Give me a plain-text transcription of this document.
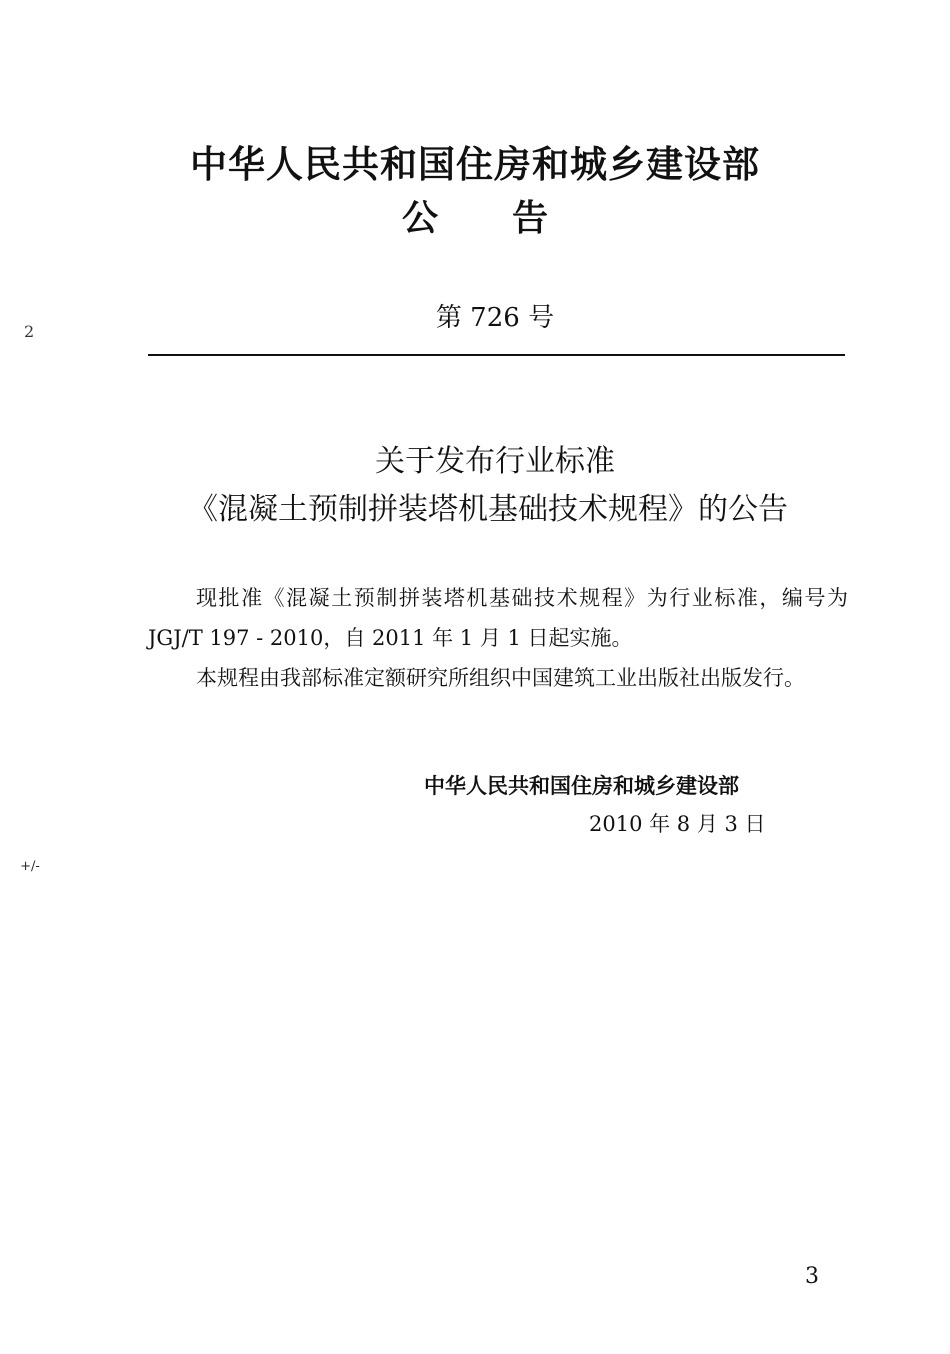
2
+/-
中华人民共和国住房和城乡建设部
公告
第 726 号
关于发布行业标准
《混凝土预制拼装塔机基础技术规程》的公告

现批准《混凝土预制拼装塔机基础技术规程》为行业标准，编号为 JGJ/T 197 - 2010，自 2011 年 1 月 1 日起实施。

本规程由我部标准定额研究所组织中国建筑工业出版社出版发行。

中华人民共和国住房和城乡建设部
2010 年 8 月 3 日
3
